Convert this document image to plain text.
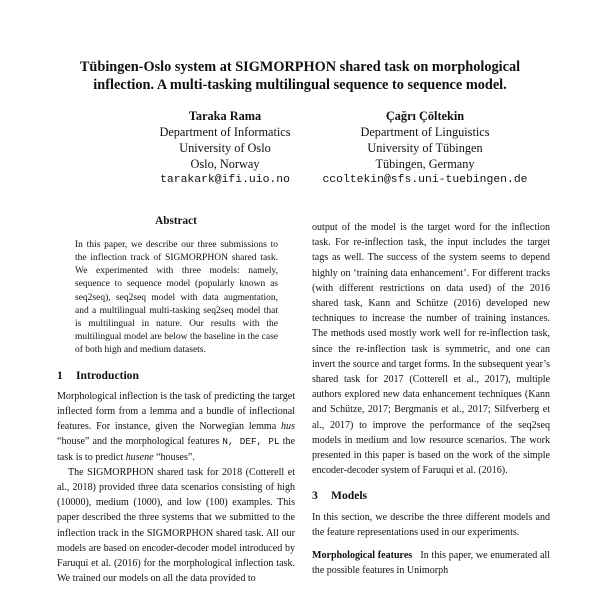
Tübingen-Oslo system at SIGMORPHON shared task on morphological
inflection. A multi-tasking multilingual sequence to sequence model.
Taraka Rama
Department of Informatics
University of Oslo
Oslo, Norway
tarakark@ifi.uio.no
Çağrı Çöltekin
Department of Linguistics
University of Tübingen
Tübingen, Germany
ccoltekin@sfs.uni-tuebingen.de
Abstract

In this paper, we describe our three submissions to the inflection track of SIGMORPHON shared task. We experimented with three models: namely, sequence to sequence model (popularly known as seq2seq), seq2seq model with data augmentation, and a multilingual multi-tasking seq2seq model that is multilingual in nature. Our results with the multilingual model are below the baseline in the case of both high and medium datasets.

1 Introduction

Morphological inflection is the task of predicting the target inflected form from a lemma and a bundle of inflectional features. For instance, given the Norwegian lemma hus “house” and the morphological features N, DEF, PL the task is to predict husene “houses”.

The SIGMORPHON shared task for 2018 (Cotterell et al., 2018) provided three data scenarios consisting of high (10000), medium (1000), and low (100) examples. This paper described the three systems that we submitted to the inflection track in the SIGMORPHON shared task. All our models are based on encoder-decoder model introduced by Faruqui et al. (2016) for the morphological inflection task. We trained our models on all the data provided to

output of the model is the target word for the inflection task. For re-inflection task, the input includes the target tags as well. The success of the system seems to depend highly on ‘training data enhancement’. For different tracks (with different restrictions on data used) of the 2016 shared task, Kann and Schütze (2016) developed new techniques to increase the number of training instances. The methods used mostly work well for re-inflection task, since the re-inflection task is symmetric, and one can invert the source and target forms. In the subsequent year’s shared task for 2017 (Cotterell et al., 2017), multiple authors explored new data enhancement techniques (Kann and Schütze, 2017; Bergmanis et al., 2017; Silfverberg et al., 2017) to improve the performance of the seq2seq models in medium and low resource scenarios. The work presented in this paper is based on the work of the simple encoder-decoder system of Faruqui et al. (2016).

3 Models

In this section, we describe the three different models and the feature representations used in our experiments.

Morphological features In this paper, we enumerated all the possible features in Unimorph
